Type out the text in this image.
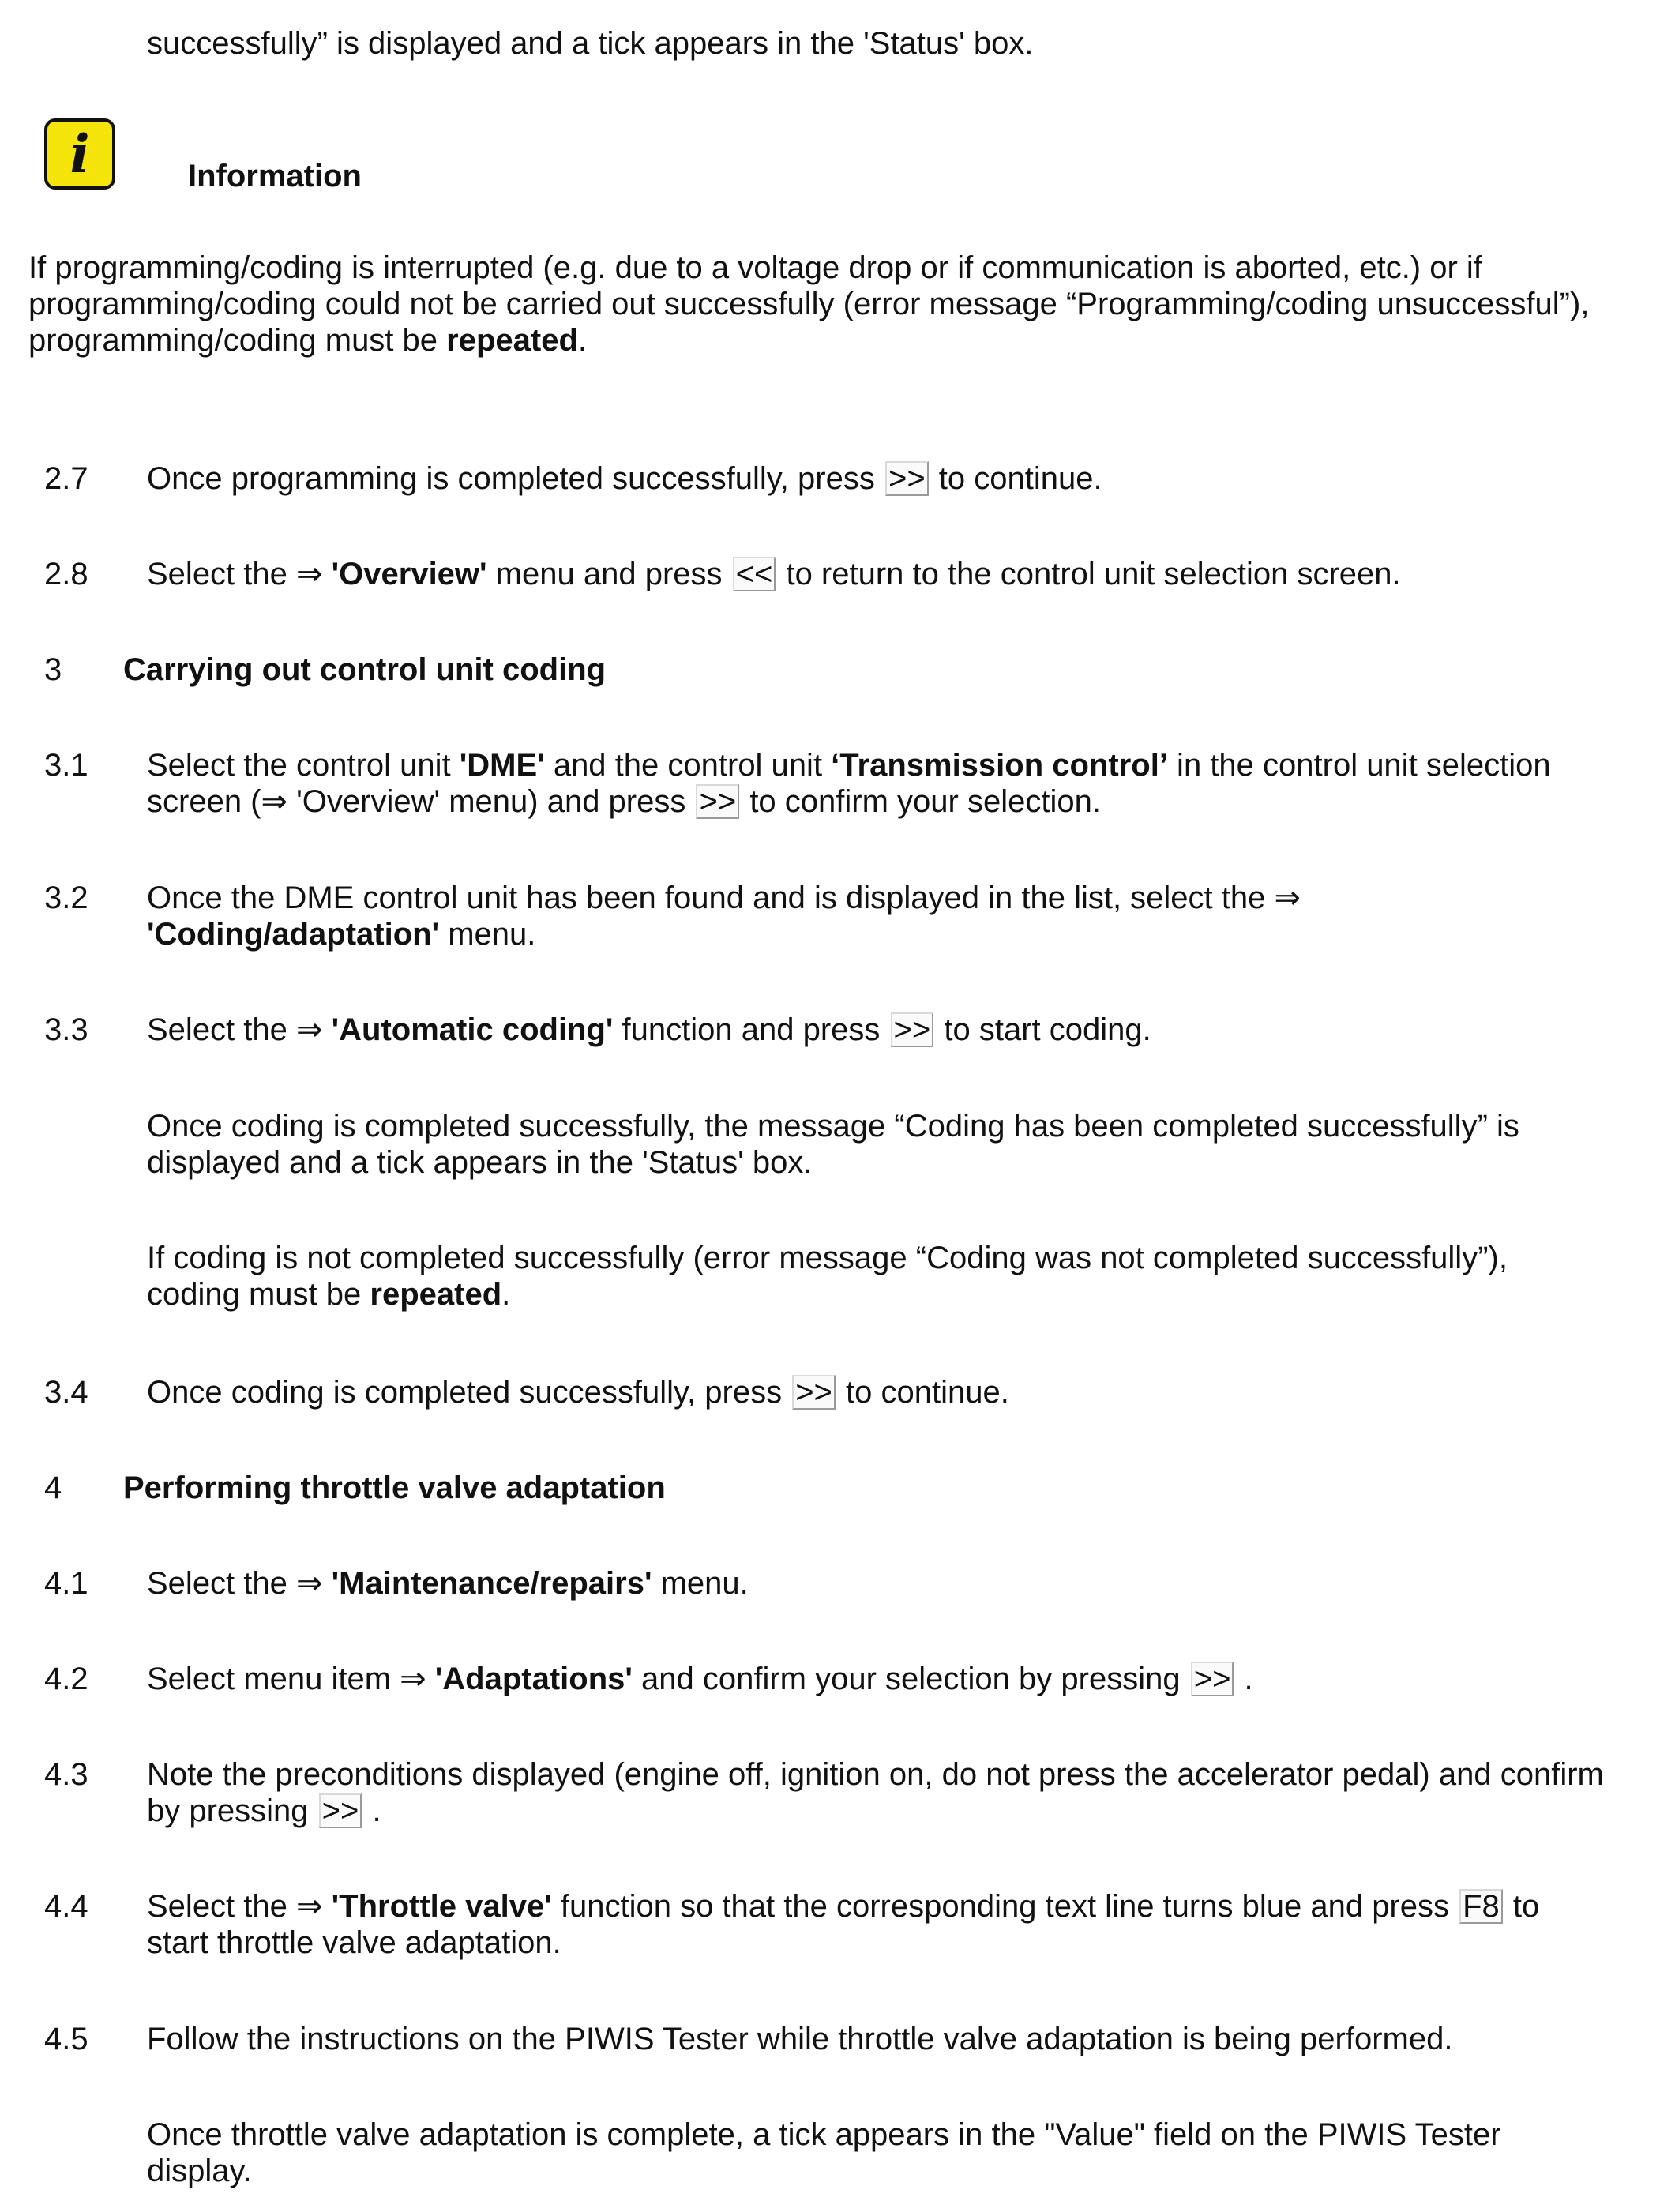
successfully” is displayed and a tick appears in the 'Status' box.
i	Information
If programming/coding is interrupted (e.g. due to a voltage drop or if communication is aborted, etc.) or if
programming/coding could not be carried out successfully (error message “Programming/coding unsuccessful”),
programming/coding must be repeated.
2.7 Once programming is completed successfully, press >> to continue.
2.8 Select the ⇒ 'Overview' menu and press << to return to the control unit selection screen.
3 Carrying out control unit coding
3.1 Select the control unit 'DME' and the control unit ‘Transmission control’ in the control unit selection
screen (⇒ 'Overview' menu) and press >> to confirm your selection.
3.2 Once the DME control unit has been found and is displayed in the list, select the ⇒
'Coding/adaptation' menu.
3.3 Select the ⇒ 'Automatic coding' function and press >> to start coding.
Once coding is completed successfully, the message “Coding has been completed successfully” is
displayed and a tick appears in the 'Status' box.
If coding is not completed successfully (error message “Coding was not completed successfully”),
coding must be repeated.
3.4 Once coding is completed successfully, press >> to continue.
4 Performing throttle valve adaptation
4.1 Select the ⇒ 'Maintenance/repairs' menu.
4.2 Select menu item ⇒ 'Adaptations' and confirm your selection by pressing >> .
4.3 Note the preconditions displayed (engine off, ignition on, do not press the accelerator pedal) and confirm
by pressing >> .
4.4 Select the ⇒ 'Throttle valve' function so that the corresponding text line turns blue and press F8 to
start throttle valve adaptation.
4.5 Follow the instructions on the PIWIS Tester while throttle valve adaptation is being performed.
Once throttle valve adaptation is complete, a tick appears in the "Value" field on the PIWIS Tester
display.
